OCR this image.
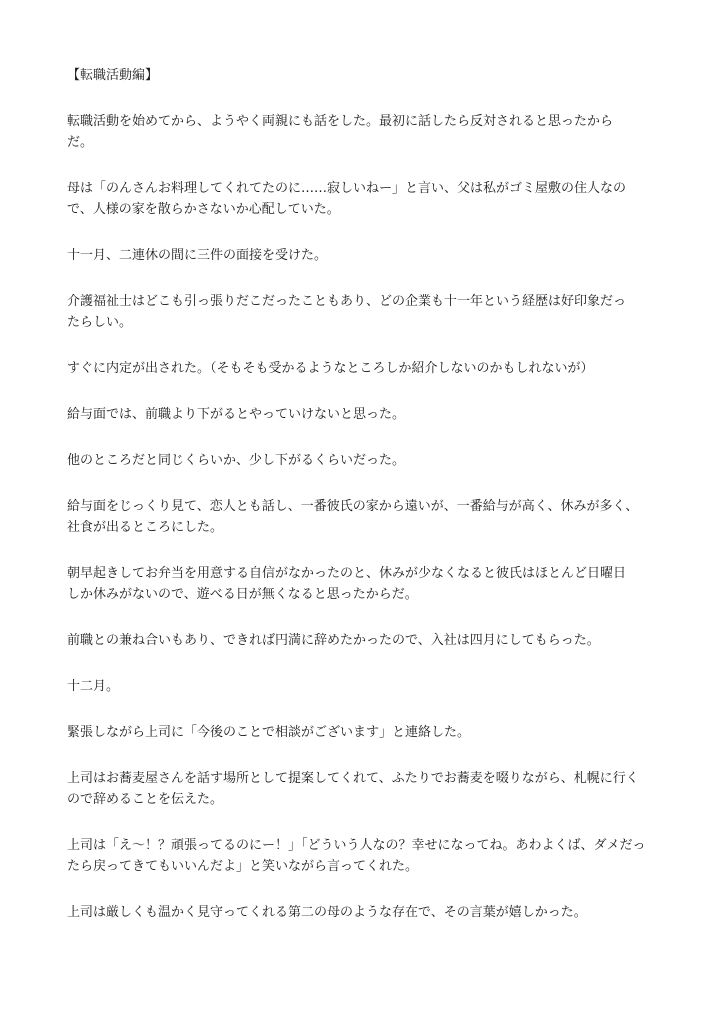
【転職活動編】
転職活動を始めてから、ようやく両親にも話をした。最初に話したら反対されると思ったから
だ。
母は「のんさんお料理してくれてたのに……寂しいねー」と言い、父は私がゴミ屋敷の住人なの
で、人様の家を散らかさないか心配していた。
十一月、二連休の間に三件の面接を受けた。
介護福祉士はどこも引っ張りだこだったこともあり、どの企業も十一年という経歴は好印象だっ
たらしい。
すぐに内定が出された。（そもそも受かるようなところしか紹介しないのかもしれないが）
給与面では、前職より下がるとやっていけないと思った。
他のところだと同じくらいか、少し下がるくらいだった。
給与面をじっくり見て、恋人とも話し、一番彼氏の家から遠いが、一番給与が高く、休みが多く、
社食が出るところにした。
朝早起きしてお弁当を用意する自信がなかったのと、休みが少なくなると彼氏はほとんど日曜日
しか休みがないので、遊べる日が無くなると思ったからだ。
前職との兼ね合いもあり、できれば円満に辞めたかったので、入社は四月にしてもらった。
十二月。
緊張しながら上司に「今後のことで相談がございます」と連絡した。
上司はお蕎麦屋さんを話す場所として提案してくれて、ふたりでお蕎麦を啜りながら、札幌に行く
ので辞めることを伝えた。
上司は「え〜！？頑張ってるのにー！」「どういう人なの？幸せになってね。あわよくば、ダメだっ
たら戻ってきてもいいんだよ」と笑いながら言ってくれた。
上司は厳しくも温かく見守ってくれる第二の母のような存在で、その言葉が嬉しかった。
